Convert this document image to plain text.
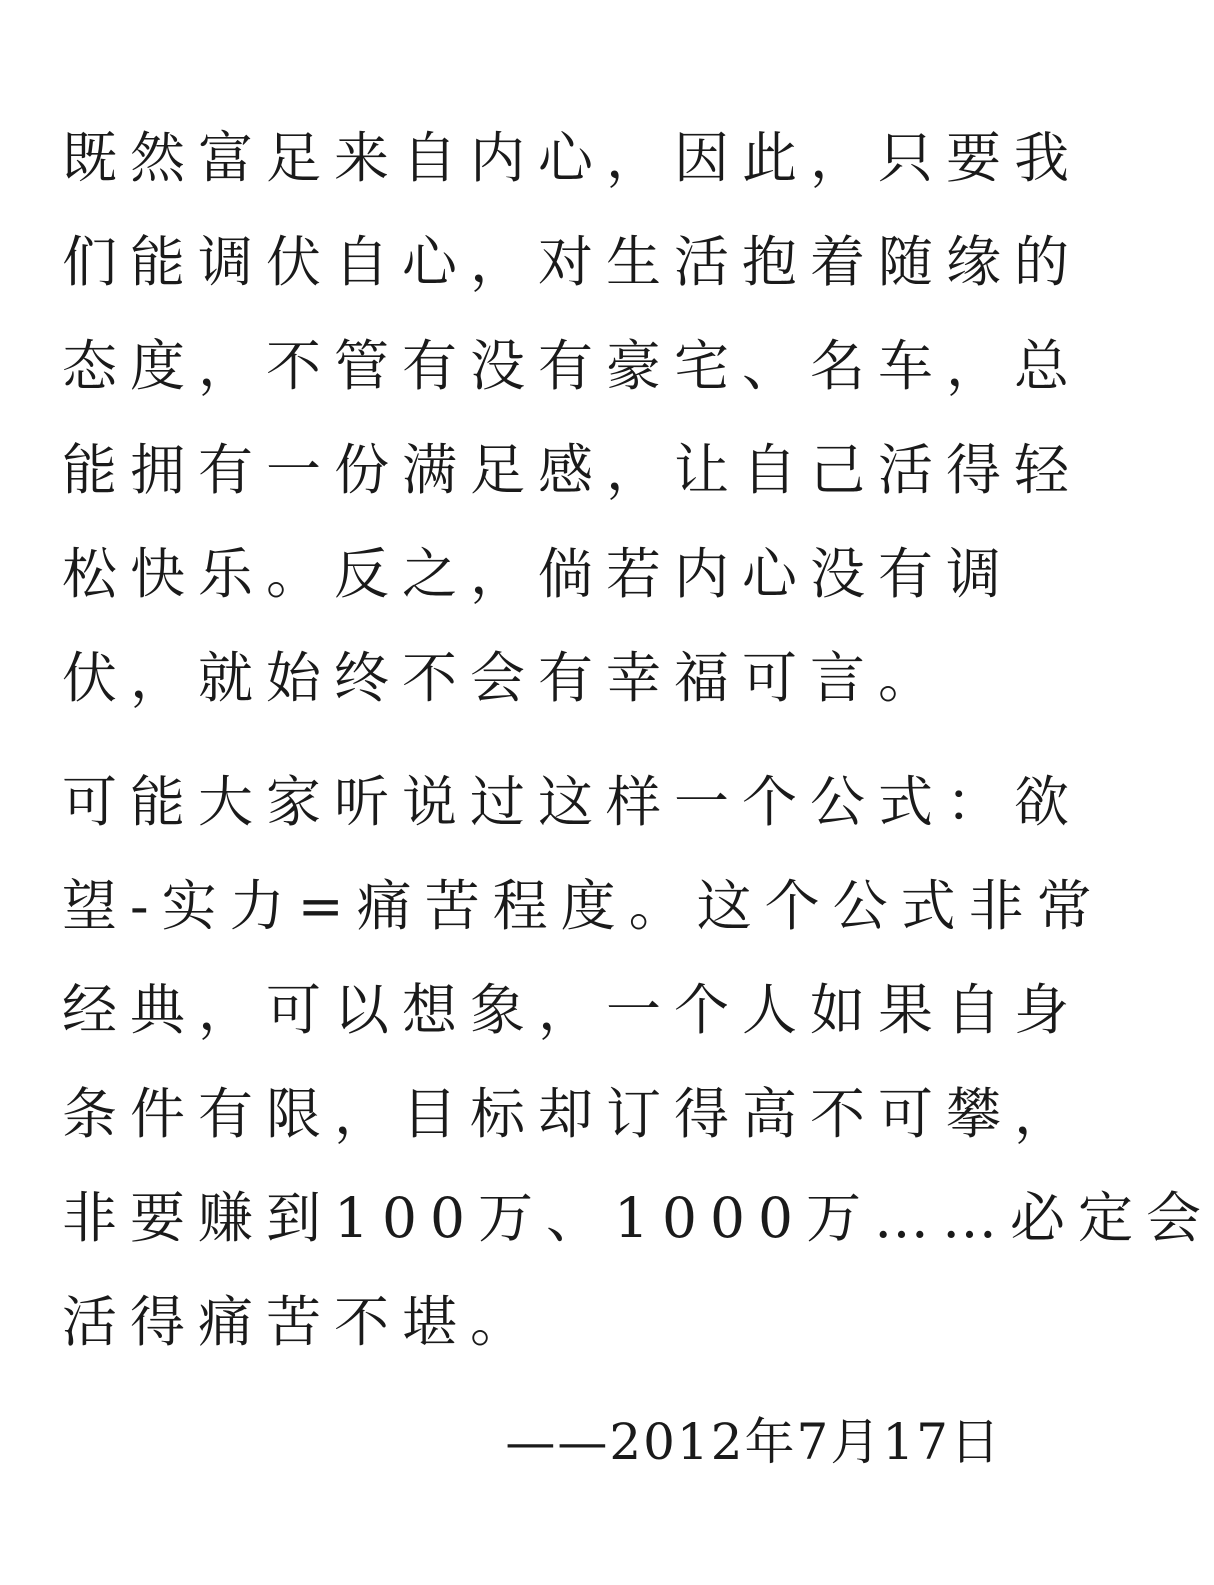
既然富足来自内心，因此，只要我
们能调伏自心，对生活抱着随缘的
态度，不管有没有豪宅、名车，总
能拥有一份满足感，让自己活得轻
松快乐。反之，倘若内心没有调
伏，就始终不会有幸福可言。
可能大家听说过这样一个公式：欲
望-实力=痛苦程度。这个公式非常
经典，可以想象，一个人如果自身
条件有限，目标却订得高不可攀，
非要赚到100万、1000万……必定会
活得痛苦不堪。
——2012年7月17日
